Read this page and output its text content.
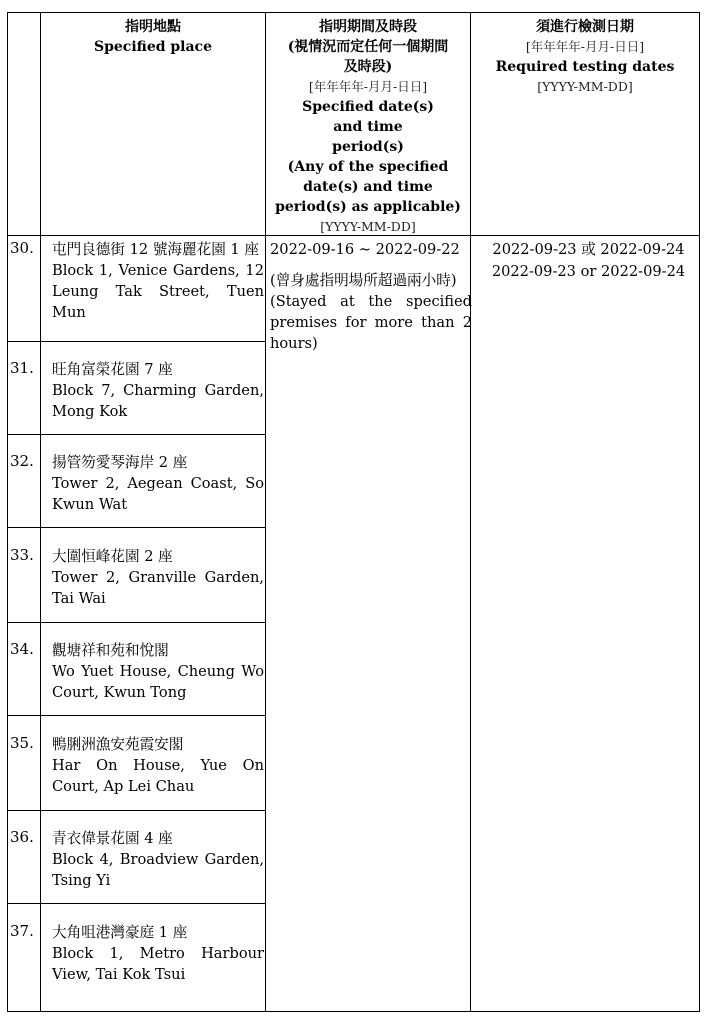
指明地點
Specified place
指明期間及時段
(視情況而定任何一個期間及時段)
[年年年年-月月-日日]
Specified date(s) and time period(s)
(Any of the specified date(s) and time period(s) as applicable)
[YYYY-MM-DD]
須進行檢測日期
[年年年年-月月-日日]
Required testing dates
[YYYY-MM-DD]
30. 屯門良德街 12 號海麗花園 1 座
Block 1, Venice Gardens, 12 Leung Tak Street, Tuen Mun
31. 旺角富榮花園 7 座
Block 7, Charming Garden, Mong Kok
32. 揚管笏愛琴海岸 2 座
Tower 2, Aegean Coast, So Kwun Wat
33. 大圍恒峰花園 2 座
Tower 2, Granville Garden, Tai Wai
34. 觀塘祥和苑和悅閣
Wo Yuet House, Cheung Wo Court, Kwun Tong
35. 鴨脷洲漁安苑霞安閣
Har On House, Yue On Court, Ap Lei Chau
36. 青衣偉景花園 4 座
Block 4, Broadview Garden, Tsing Yi
37. 大角咀港灣豪庭 1 座
Block 1, Metro Harbour View, Tai Kok Tsui
2022-09-16 ~ 2022-09-22
(曾身處指明場所超過兩小時)
(Stayed at the specified premises for more than 2 hours)
2022-09-23 或 2022-09-24
2022-09-23 or 2022-09-24
